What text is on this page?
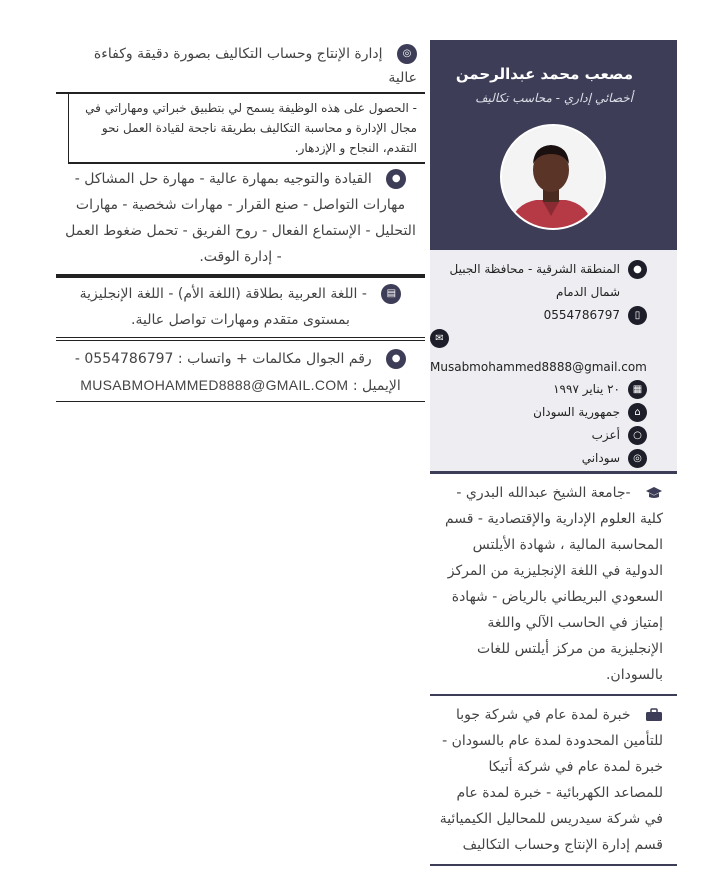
مصعب محمد عبدالرحمن
أخصائي إداري - محاسب تكاليف
●
المنطقة الشرقية - محافظة الجبيل
شمال الدمام
▯
0554786797
✉
Musabmohammed8888@gmail.com
▦
٢٠ يناير ١٩٩٧
⌂
جمهورية السودان
○
أعزب
◎
سوداني
-جامعة الشيخ عبدالله البدري - كلية العلوم الإدارية والإقتصادية - قسم المحاسبة المالية ، شهادة الأيلتس الدولية في اللغة الإنجليزية من المركز السعودي البريطاني بالرياض - شهادة إمتياز في الحاسب الآلي واللغة الإنجليزية من مركز أيلتس للغات بالسودان.
خبرة لمدة عام في شركة جوبا للتأمين المحدودة لمدة عام بالسودان - خبرة لمدة عام في شركة أتيكا للمصاعد الكهربائية - خبرة لمدة عام في شركة سيدريس للمحاليل الكيميائية قسم إدارة الإنتاج وحساب التكاليف
◎ إدارة الإنتاج وحساب التكاليف بصورة دقيقة وكفاءة عالية
- الحصول على هذه الوظيفة يسمح لي بتطبيق خبراتي ومهاراتي في مجال الإدارة و محاسبة التكاليف بطريقة ناجحة لقيادة العمل نحو التقدم، النجاح و الإزدهار.
● القيادة والتوجيه بمهارة عالية - مهارة حل المشاكل - مهارات التواصل - صنع القرار - مهارات شخصية - مهارات التحليل - الإستماع الفعال - روح الفريق - تحمل ضغوط العمل - إدارة الوقت.
▤ - اللغة العربية بطلاقة (اللغة الأم) - اللغة الإنجليزية بمستوى متقدم ومهارات تواصل عالية.
● رقم الجوال مكالمات + واتساب : 0554786797 -
الإيميل : MUSABMOHAMMED8888@GMAIL.COM
